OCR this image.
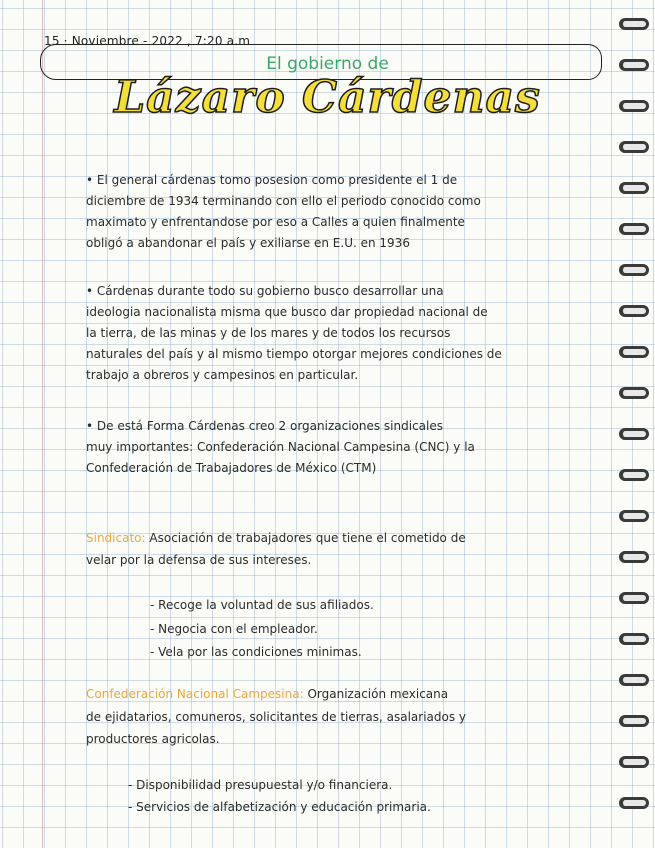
15 · Noviembre - 2022 , 7:20 a.m
El gobierno de
Lázaro Cárdenas

• El general cárdenas tomo posesion como presidente el 1 de

diciembre de 1934 terminando con ello el periodo conocido como

maximato y enfrentandose por eso a Calles a quien finalmente

obligó a abandonar el país y exiliarse en E.U. en 1936

• Cárdenas durante todo su gobierno busco desarrollar una

ideologia nacionalista misma que busco dar propiedad nacional de

la tierra, de las minas y de los mares y de todos los recursos

naturales del país y al mismo tiempo otorgar mejores condiciones de

trabajo a obreros y campesinos en particular.

• De está Forma Cárdenas creo 2 organizaciones sindicales

muy importantes: Confederación Nacional Campesina (CNC) y la

Confederación de Trabajadores de México (CTM)

Sindicato: Asociación de trabajadores que tiene el cometido de
velar por la defensa de sus intereses.
- Recoge la voluntad de sus afiliados.
- Negocia con el empleador.
- Vela por las condiciones minimas.
Confederación Nacional Campesina: Organización mexicana
de ejidatarios, comuneros, solicitantes de tierras, asalariados y
productores agricolas.
- Disponibilidad presupuestal y/o financiera.
- Servicios de alfabetización y educación primaria.
